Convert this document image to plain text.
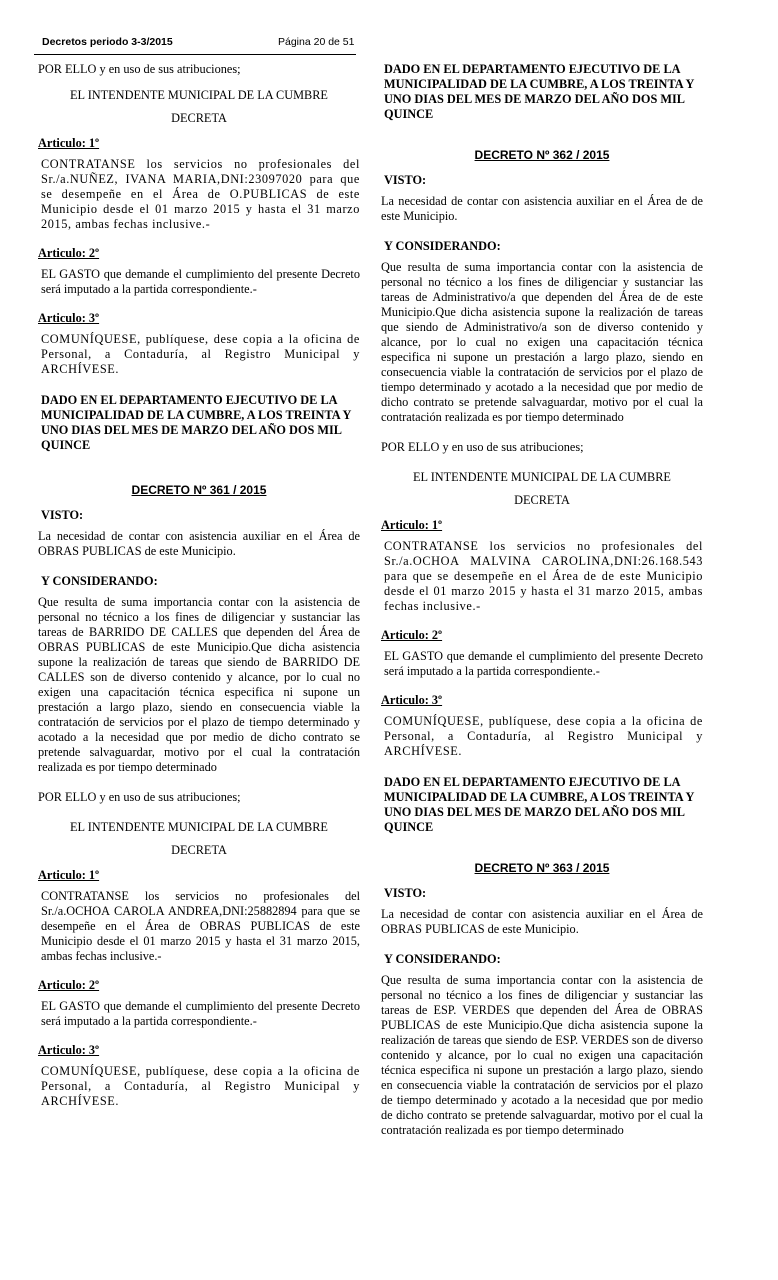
Decretos periodo 3-3/2015	Página 20 de 51

POR ELLO y en uso de sus atribuciones;

EL INTENDENTE MUNICIPAL DE LA CUMBRE

DECRETA

Articulo: 1º

CONTRATANSE los servicios no profesionales del Sr./a.NUÑEZ, IVANA MARIA,DNI:23097020 para que se desempeñe en el Área de O.PUBLICAS de este Municipio desde el 01 marzo 2015 y hasta el 31 marzo 2015, ambas fechas inclusive.-

Articulo: 2º

EL GASTO que demande el cumplimiento del presente Decreto será imputado a la partida correspondiente.-

Articulo: 3º

COMUNÍQUESE, publíquese, dese copia a la oficina de Personal, a Contaduría, al Registro Municipal y ARCHÍVESE.

DADO EN EL DEPARTAMENTO EJECUTIVO DE LA MUNICIPALIDAD DE LA CUMBRE, A LOS TREINTA Y UNO DIAS DEL MES DE MARZO DEL AÑO DOS MIL QUINCE

DECRETO Nº 361 / 2015
VISTO:

La necesidad de contar con asistencia auxiliar en el Área de OBRAS PUBLICAS de este Municipio.

Y CONSIDERANDO:

Que resulta de suma importancia contar con la asistencia de personal no técnico a los fines de diligenciar y sustanciar las tareas de BARRIDO DE CALLES que dependen del Área de OBRAS PUBLICAS de este Municipio.Que dicha asistencia supone la realización de tareas que siendo de BARRIDO DE CALLES son de diverso contenido y alcance, por lo cual no exigen una capacitación técnica especifica ni supone un prestación a largo plazo, siendo en consecuencia viable la contratación de servicios por el plazo de tiempo determinado y acotado a la necesidad que por medio de dicho contrato se pretende salvaguardar, motivo por el cual la contratación realizada es por tiempo determinado

POR ELLO y en uso de sus atribuciones;

EL INTENDENTE MUNICIPAL DE LA CUMBRE

DECRETA

Articulo: 1º

CONTRATANSE los servicios no profesionales del Sr./a.OCHOA CAROLA ANDREA,DNI:25882894 para que se desempeñe en el Área de OBRAS PUBLICAS de este Municipio desde el 01 marzo 2015 y hasta el 31 marzo 2015, ambas fechas inclusive.-

Articulo: 2º

EL GASTO que demande el cumplimiento del presente Decreto será imputado a la partida correspondiente.-

Articulo: 3º

COMUNÍQUESE, publíquese, dese copia a la oficina de Personal, a Contaduría, al Registro Municipal y ARCHÍVESE.

DADO EN EL DEPARTAMENTO EJECUTIVO DE LA MUNICIPALIDAD DE LA CUMBRE, A LOS TREINTA Y UNO DIAS DEL MES DE MARZO DEL AÑO DOS MIL QUINCE

DECRETO Nº 362 / 2015
VISTO:

La necesidad de contar con asistencia auxiliar en el Área de de este Municipio.

Y CONSIDERANDO:

Que resulta de suma importancia contar con la asistencia de personal no técnico a los fines de diligenciar y sustanciar las tareas de Administrativo/a que dependen del Área de de este Municipio.Que dicha asistencia supone la realización de tareas que siendo de Administrativo/a son de diverso contenido y alcance, por lo cual no exigen una capacitación técnica especifica ni supone un prestación a largo plazo, siendo en consecuencia viable la contratación de servicios por el plazo de tiempo determinado y acotado a la necesidad que por medio de dicho contrato se pretende salvaguardar, motivo por el cual la contratación realizada es por tiempo determinado

POR ELLO y en uso de sus atribuciones;

EL INTENDENTE MUNICIPAL DE LA CUMBRE

DECRETA

Articulo: 1º

CONTRATANSE los servicios no profesionales del Sr./a.OCHOA MALVINA CAROLINA,DNI:26.168.543 para que se desempeñe en el Área de de este Municipio desde el 01 marzo 2015 y hasta el 31 marzo 2015, ambas fechas inclusive.-

Articulo: 2º

EL GASTO que demande el cumplimiento del presente Decreto será imputado a la partida correspondiente.-

Articulo: 3º

COMUNÍQUESE, publíquese, dese copia a la oficina de Personal, a Contaduría, al Registro Municipal y ARCHÍVESE.

DADO EN EL DEPARTAMENTO EJECUTIVO DE LA MUNICIPALIDAD DE LA CUMBRE, A LOS TREINTA Y UNO DIAS DEL MES DE MARZO DEL AÑO DOS MIL QUINCE

DECRETO Nº 363 / 2015
VISTO:

La necesidad de contar con asistencia auxiliar en el Área de OBRAS PUBLICAS de este Municipio.

Y CONSIDERANDO:

Que resulta de suma importancia contar con la asistencia de personal no técnico a los fines de diligenciar y sustanciar las tareas de ESP. VERDES que dependen del Área de OBRAS PUBLICAS de este Municipio.Que dicha asistencia supone la realización de tareas que siendo de ESP. VERDES son de diverso contenido y alcance, por lo cual no exigen una capacitación técnica especifica ni supone un prestación a largo plazo, siendo en consecuencia viable la contratación de servicios por el plazo de tiempo determinado y acotado a la necesidad que por medio de dicho contrato se pretende salvaguardar, motivo por el cual la contratación realizada es por tiempo determinado
